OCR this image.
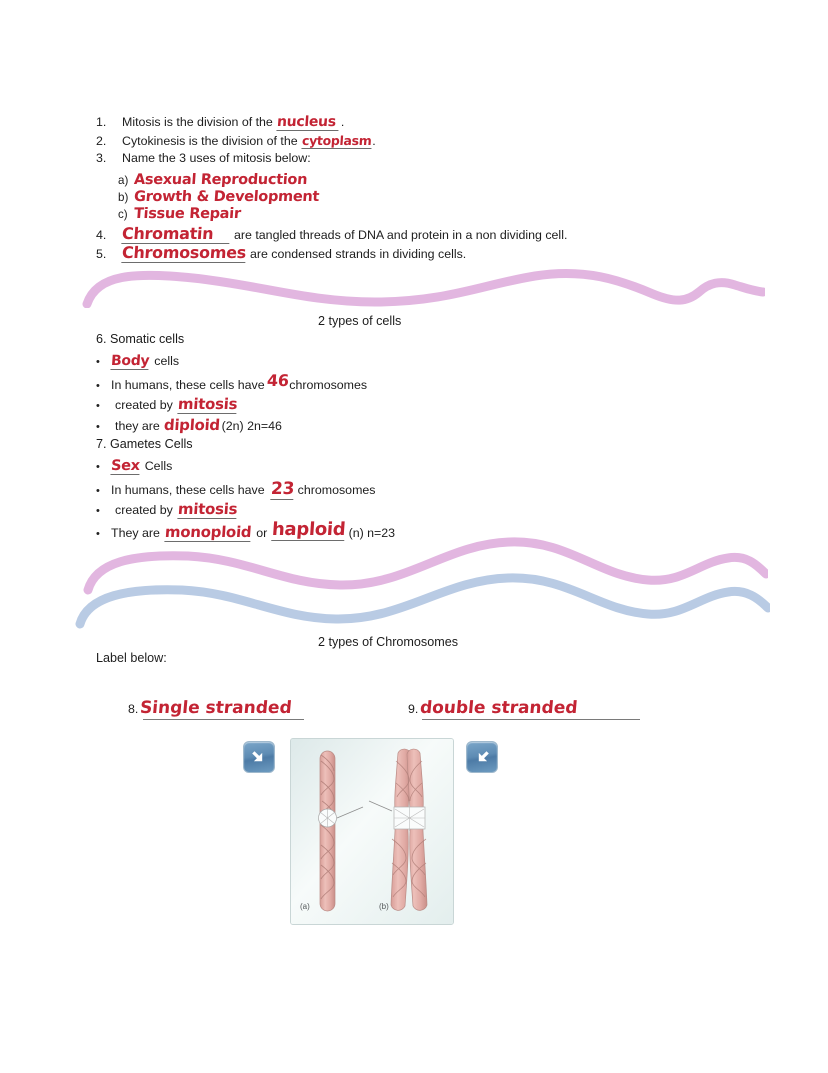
1.	Mitosis is the division of the nucleus .
2.	Cytokinesis is the division of the cytoplasm .
3.	Name the 3 uses of mitosis below:
a) Asexual Reproduction
b) Growth & Development
c) Tissue Repair
4. Chromatin	are tangled threads of DNA and protein in a non dividing cell.
5. Chromosomes are condensed strands in dividing cells.
2 types of cells
6. Somatic cells
• Body cells
• In humans, these cells have 46 chromosomes
•	created by mitosis
•	they are diploid (2n) 2n=46
7. Gametes Cells
• Sex Cells
• In humans, these cells have 23 chromosomes
•	created by mitosis
• They are monoploid or haploid (n) n=23
2 types of Chromosomes
Label below:
8. Single stranded	9. double stranded
(a)	(b)
